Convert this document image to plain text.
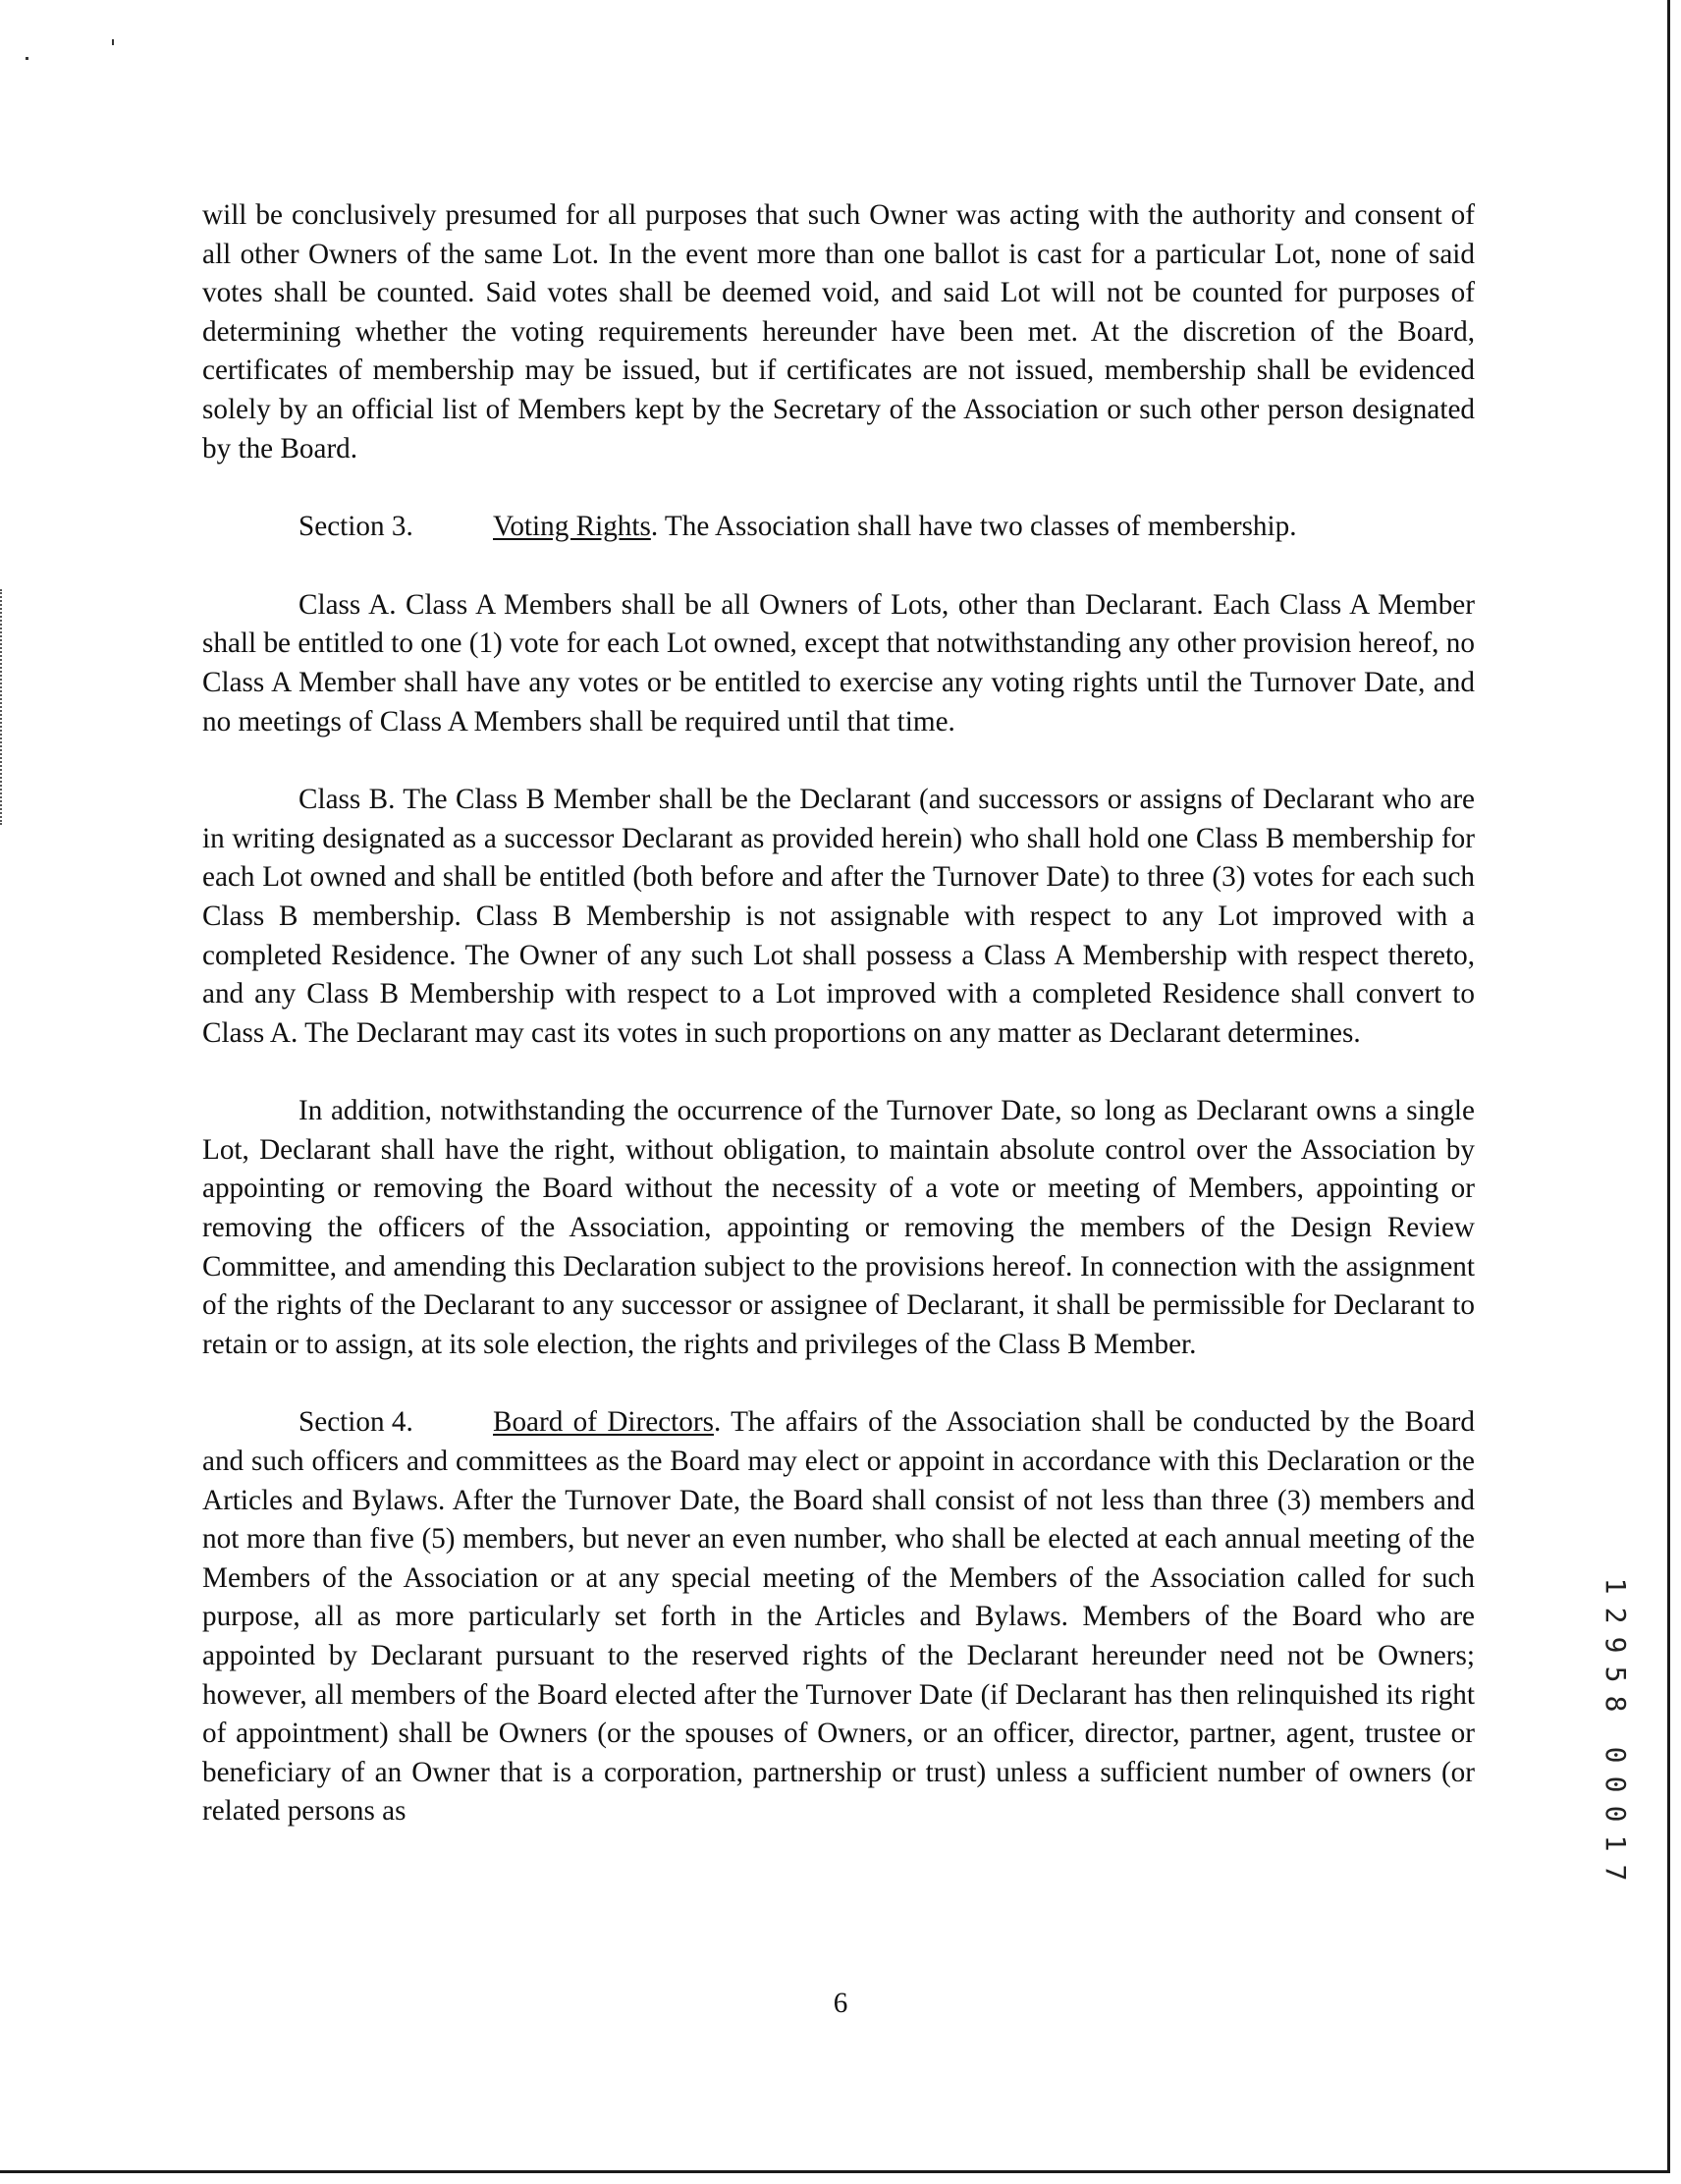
will be conclusively presumed for all purposes that such Owner was acting with the authority and consent of all other Owners of the same Lot. In the event more than one ballot is cast for a particular Lot, none of said votes shall be counted. Said votes shall be deemed void, and said Lot will not be counted for purposes of determining whether the voting requirements hereunder have been met. At the discretion of the Board, certificates of membership may be issued, but if certificates are not issued, membership shall be evidenced solely by an official list of Members kept by the Secretary of the Association or such other person designated by the Board.

Section 3.	Voting Rights. The Association shall have two classes of membership.

Class A. Class A Members shall be all Owners of Lots, other than Declarant. Each Class A Member shall be entitled to one (1) vote for each Lot owned, except that notwithstanding any other provision hereof, no Class A Member shall have any votes or be entitled to exercise any voting rights until the Turnover Date, and no meetings of Class A Members shall be required until that time.

Class B. The Class B Member shall be the Declarant (and successors or assigns of Declarant who are in writing designated as a successor Declarant as provided herein) who shall hold one Class B membership for each Lot owned and shall be entitled (both before and after the Turnover Date) to three (3) votes for each such Class B membership. Class B Membership is not assignable with respect to any Lot improved with a completed Residence. The Owner of any such Lot shall possess a Class A Membership with respect thereto, and any Class B Membership with respect to a Lot improved with a completed Residence shall convert to Class A. The Declarant may cast its votes in such proportions on any matter as Declarant determines.

In addition, notwithstanding the occurrence of the Turnover Date, so long as Declarant owns a single Lot, Declarant shall have the right, without obligation, to maintain absolute control over the Association by appointing or removing the Board without the necessity of a vote or meeting of Members, appointing or removing the officers of the Association, appointing or removing the members of the Design Review Committee, and amending this Declaration subject to the provisions hereof. In connection with the assignment of the rights of the Declarant to any successor or assignee of Declarant, it shall be permissible for Declarant to retain or to assign, at its sole election, the rights and privileges of the Class B Member.

Section 4.	Board of Directors. The affairs of the Association shall be conducted by the Board and such officers and committees as the Board may elect or appoint in accordance with this Declaration or the Articles and Bylaws. After the Turnover Date, the Board shall consist of not less than three (3) members and not more than five (5) members, but never an even number, who shall be elected at each annual meeting of the Members of the Association or at any special meeting of the Members of the Association called for such purpose, all as more particularly set forth in the Articles and Bylaws. Members of the Board who are appointed by Declarant pursuant to the reserved rights of the Declarant hereunder need not be Owners; however, all members of the Board elected after the Turnover Date (if Declarant has then relinquished its right of appointment) shall be Owners (or the spouses of Owners, or an officer, director, partner, agent, trustee or beneficiary of an Owner that is a corporation, partnership or trust) unless a sufficient number of owners (or related persons as

1
2
9
5
8
0
0
0
1
7
6
